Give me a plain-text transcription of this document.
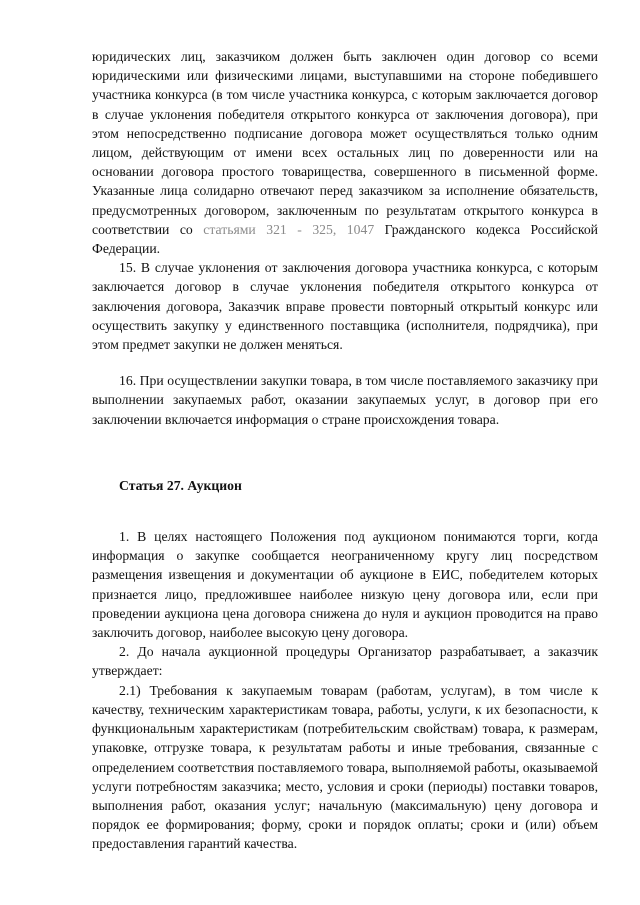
юридических лиц, заказчиком должен быть заключен один договор со всеми юридическими или физическими лицами, выступавшими на стороне победившего участника конкурса (в том числе участника конкурса, с которым заключается договор в случае уклонения победителя открытого конкурса от заключения договора), при этом непосредственно подписание договора может осуществляться только одним лицом, действующим от имени всех остальных лиц по доверенности или на основании договора простого товарищества, совершенного в письменной форме. Указанные лица солидарно отвечают перед заказчиком за исполнение обязательств, предусмотренных договором, заключенным по результатам открытого конкурса в соответствии со статьями 321 - 325, 1047 Гражданского кодекса Российской Федерации.

15. В случае уклонения от заключения договора участника конкурса, с которым заключается договор в случае уклонения победителя открытого конкурса от заключения договора, Заказчик вправе провести повторный открытый конкурс или осуществить закупку у единственного поставщика (исполнителя, подрядчика), при этом предмет закупки не должен меняться.

16. При осуществлении закупки товара, в том числе поставляемого заказчику при выполнении закупаемых работ, оказании закупаемых услуг, в договор при его заключении включается информация о стране происхождения товара.

Статья 27. Аукцион

1. В целях настоящего Положения под аукционом понимаются торги, когда информация о закупке сообщается неограниченному кругу лиц посредством размещения извещения и документации об аукционе в ЕИС, победителем которых признается лицо, предложившее наиболее низкую цену договора или, если при проведении аукциона цена договора снижена до нуля и аукцион проводится на право заключить договор, наиболее высокую цену договора.

2. До начала аукционной процедуры Организатор разрабатывает, а заказчик утверждает:

2.1) Требования к закупаемым товарам (работам, услугам), в том числе к качеству, техническим характеристикам товара, работы, услуги, к их безопасности, к функциональным характеристикам (потребительским свойствам) товара, к размерам, упаковке, отгрузке товара, к результатам работы и иные требования, связанные с определением соответствия поставляемого товара, выполняемой работы, оказываемой услуги потребностям заказчика; место, условия и сроки (периоды) поставки товаров, выполнения работ, оказания услуг; начальную (максимальную) цену договора и порядок ее формирования; форму, сроки и порядок оплаты; сроки и (или) объем предоставления гарантий качества.
